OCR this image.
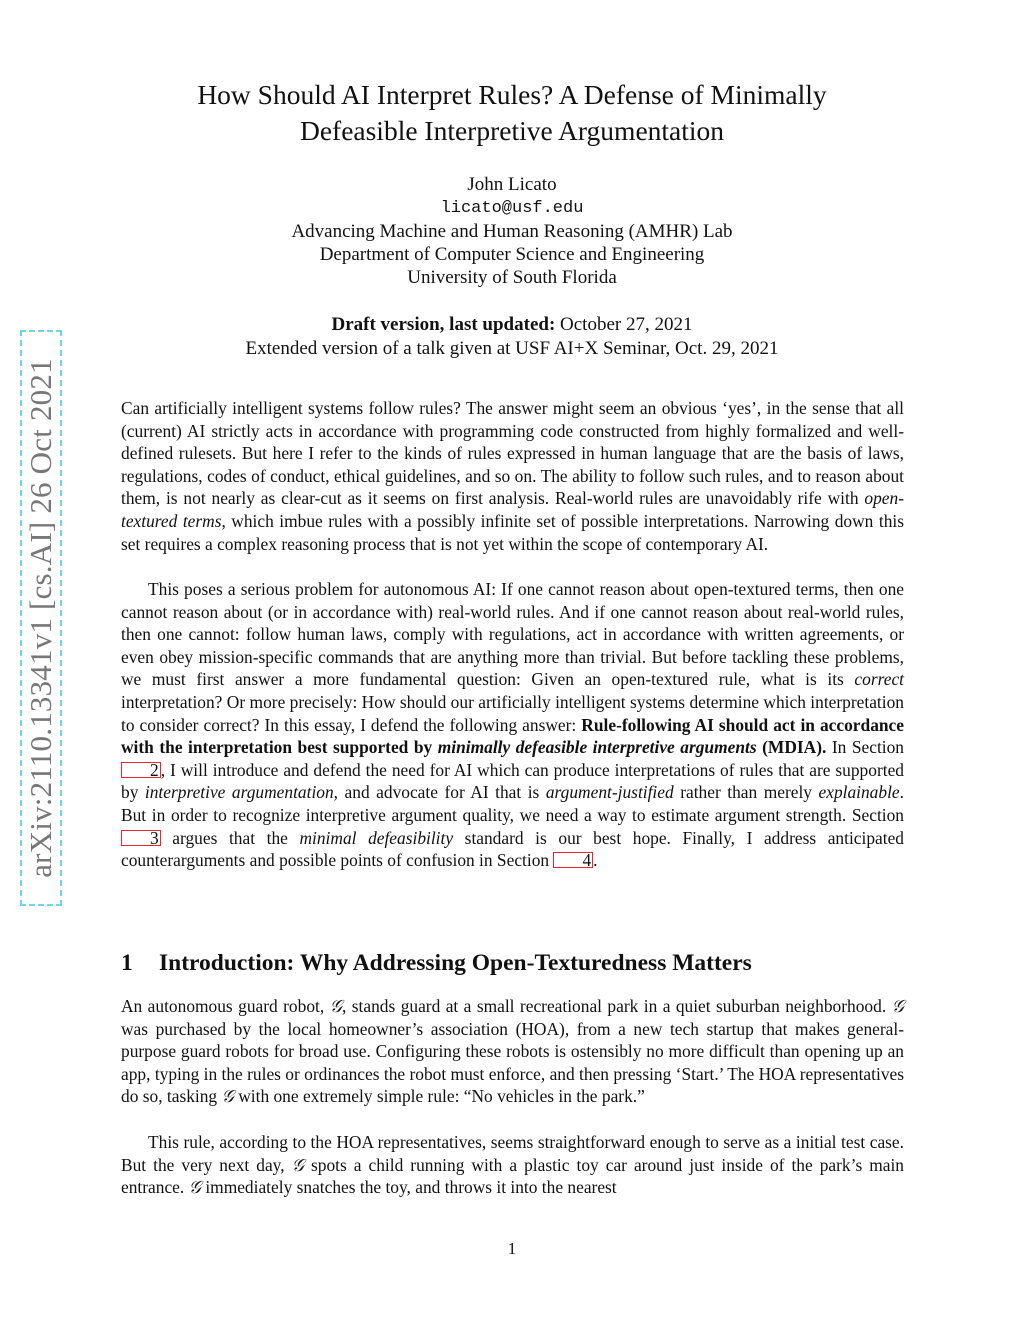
arXiv:2110.13341v1 [cs.AI] 26 Oct 2021
How Should AI Interpret Rules? A Defense of Minimally
Defeasible Interpretive Argumentation
John Licato
licato@usf.edu
Advancing Machine and Human Reasoning (AMHR) Lab
Department of Computer Science and Engineering
University of South Florida
Draft version, last updated: October 27, 2021
Extended version of a talk given at USF AI+X Seminar, Oct. 29, 2021

Can artificially intelligent systems follow rules? The answer might seem an obvious ‘yes’, in the sense that all (current) AI strictly acts in accordance with programming code constructed from highly formalized and well-defined rulesets. But here I refer to the kinds of rules expressed in human language that are the basis of laws, regulations, codes of conduct, ethical guidelines, and so on. The ability to follow such rules, and to reason about them, is not nearly as clear-cut as it seems on first analysis. Real-world rules are unavoidably rife with open-textured terms, which imbue rules with a possibly infinite set of possible interpretations. Narrowing down this set requires a complex reasoning process that is not yet within the scope of contemporary AI.

This poses a serious problem for autonomous AI: If one cannot reason about open-textured terms, then one cannot reason about (or in accordance with) real-world rules. And if one cannot reason about real-world rules, then one cannot: follow human laws, comply with regulations, act in accordance with written agreements, or even obey mission-specific commands that are anything more than trivial. But before tackling these problems, we must first answer a more fundamental question: Given an open-textured rule, what is its correct interpretation? Or more precisely: How should our artificially intelligent systems determine which interpretation to consider correct? In this essay, I defend the following answer: Rule-following AI should act in accordance with the interpretation best supported by minimally defeasible interpretive arguments (MDIA). In Section 2 , I will introduce and defend the need for AI which can produce interpretations of rules that are supported by interpretive argumentation, and advocate for AI that is argument-justified rather than merely explainable. But in order to recognize interpretive argument quality, we need a way to estimate argument strength. Section 3 argues that the minimal defeasibility standard is our best hope. Finally, I address anticipated counterarguments and possible points of confusion in Section 4 .

1 Introduction: Why Addressing Open-Texturedness Matters

An autonomous guard robot, 𝒢, stands guard at a small recreational park in a quiet suburban neighborhood. 𝒢 was purchased by the local homeowner’s association (HOA), from a new tech startup that makes general-purpose guard robots for broad use. Configuring these robots is ostensibly no more difficult than opening up an app, typing in the rules or ordinances the robot must enforce, and then pressing ‘Start.’ The HOA representatives do so, tasking 𝒢 with one extremely simple rule: “No vehicles in the park.”

This rule, according to the HOA representatives, seems straightforward enough to serve as a initial test case. But the very next day, 𝒢 spots a child running with a plastic toy car around just inside of the park’s main entrance. 𝒢 immediately snatches the toy, and throws it into the nearest

1
